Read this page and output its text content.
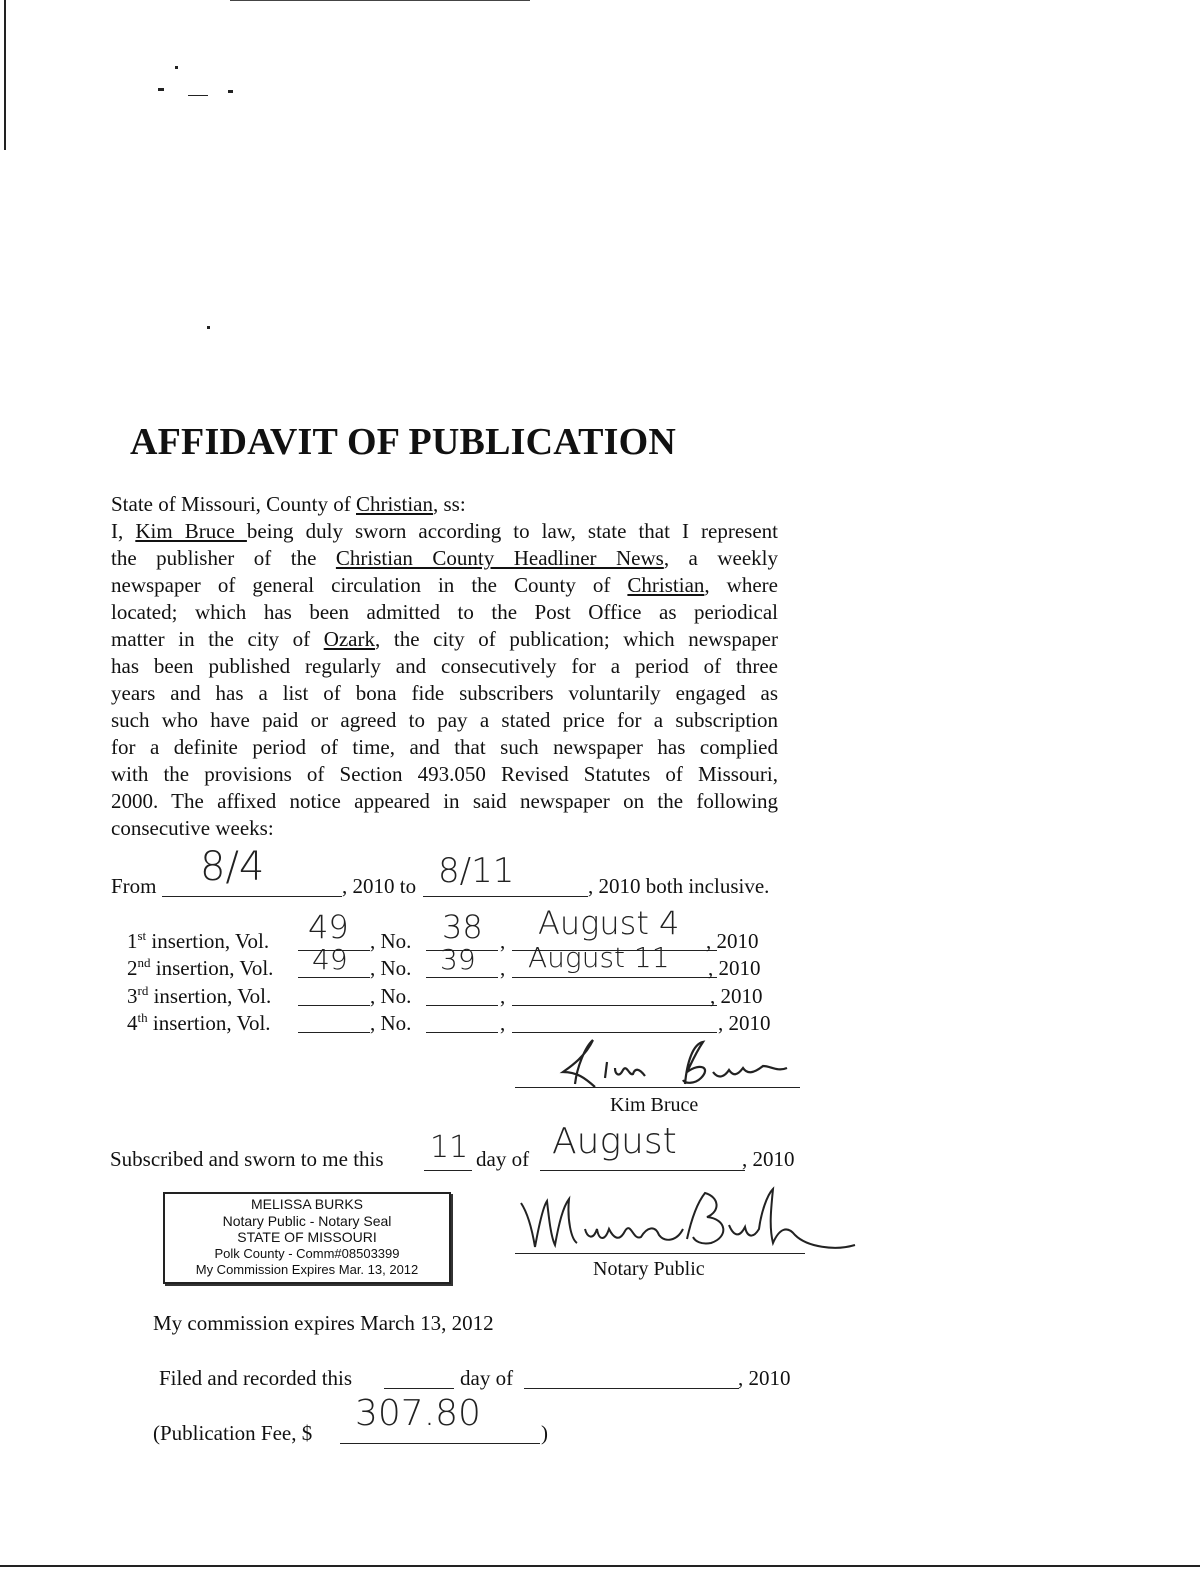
AFFIDAVIT OF PUBLICATION
State of Missouri, County of Christian, ss:
I, Kim Bruce being duly sworn according to law, state that I represent
the publisher of the Christian County Headliner News, a weekly
newspaper of general circulation in the County of Christian, where
located; which has been admitted to the Post Office as periodical
matter in the city of Ozark, the city of publication; which newspaper
has been published regularly and consecutively for a period of three
years and has a list of bona fide subscribers voluntarily engaged as
such who have paid or agreed to pay a stated price for a subscription
for a definite period of time, and that such newspaper has complied
with the provisions of Section 493.050 Revised Statutes of Missouri,
2000. The affixed notice appeared in said newspaper on the following
consecutive weeks:
From 8/4	, 2010 to 8/11	, 2010 both inclusive.
1st insertion, Vol. 49 , No. 38 , August 4 , 2010
2nd insertion, Vol. 49 , No. 39 , August 11 , 2010
3rd insertion, Vol.	, No.	,	, 2010
4th insertion, Vol.	, No.	,	, 2010
Kim Bruce
Subscribed and sworn to me this 11 day of August	, 2010
MELISSA BURKS
Notary Public - Notary Seal
STATE OF MISSOURI
Polk County - Comm#08503399
My Commission Expires Mar. 13, 2012	Notary Public
My commission expires March 13, 2012
Filed and recorded this	day of	, 2010
(Publication Fee, $ 307.80	)
